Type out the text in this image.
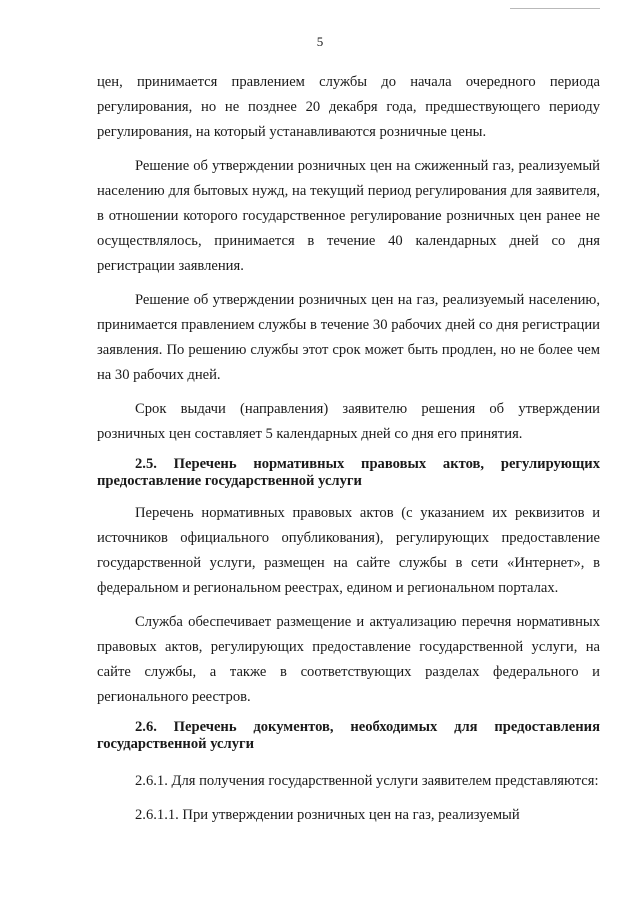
5

цен, принимается правлением службы до начала очередного периода регулирования, но не позднее 20 декабря года, предшествующего периоду регулирования, на который устанавливаются розничные цены.

Решение об утверждении розничных цен на сжиженный газ, реализуемый населению для бытовых нужд, на текущий период регулирования для заявителя, в отношении которого государственное регулирование розничных цен ранее не осуществлялось, принимается в течение 40 календарных дней со дня регистрации заявления.

Решение об утверждении розничных цен на газ, реализуемый населению, принимается правлением службы в течение 30 рабочих дней со дня регистрации заявления. По решению службы этот срок может быть продлен, но не более чем на 30 рабочих дней.

Срок выдачи (направления) заявителю решения об утверждении розничных цен составляет 5 календарных дней со дня его принятия.

2.5. Перечень нормативных правовых актов, регулирующих предоставление государственной услуги

Перечень нормативных правовых актов (с указанием их реквизитов и источников официального опубликования), регулирующих предоставление государственной услуги, размещен на сайте службы в сети «Интернет», в федеральном и региональном реестрах, едином и региональном порталах.

Служба обеспечивает размещение и актуализацию перечня нормативных правовых актов, регулирующих предоставление государственной услуги, на сайте службы, а также в соответствующих разделах федерального и регионального реестров.

2.6. Перечень документов, необходимых для предоставления государственной услуги

2.6.1. Для получения государственной услуги заявителем представляются:

2.6.1.1. При утверждении розничных цен на газ, реализуемый
